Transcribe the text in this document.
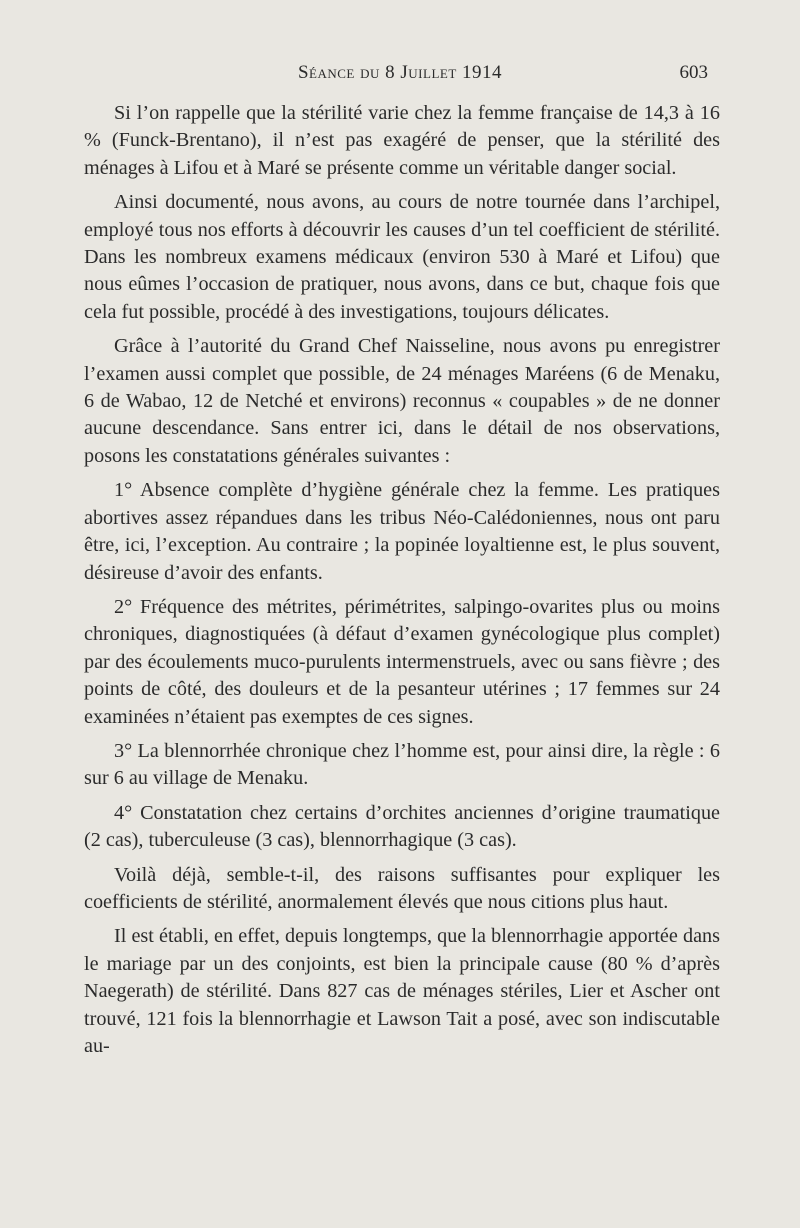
Séance du 8 Juillet 1914	603

Si l’on rappelle que la stérilité varie chez la femme française de 14,3 à 16 % (Funck-Brentano), il n’est pas exagéré de penser, que la stérilité des ménages à Lifou et à Maré se présente comme un véritable danger social.

Ainsi documenté, nous avons, au cours de notre tournée dans l’archipel, employé tous nos efforts à découvrir les causes d’un tel coefficient de stérilité. Dans les nombreux examens médicaux (environ 530 à Maré et Lifou) que nous eûmes l’occasion de pratiquer, nous avons, dans ce but, chaque fois que cela fut possible, procédé à des investigations, toujours délicates.

Grâce à l’autorité du Grand Chef Naisseline, nous avons pu enregistrer l’examen aussi complet que possible, de 24 ménages Maréens (6 de Menaku, 6 de Wabao, 12 de Netché et environs) reconnus « coupables » de ne donner aucune descendance. Sans entrer ici, dans le détail de nos observations, posons les constatations générales suivantes :

1° Absence complète d’hygiène générale chez la femme. Les pratiques abortives assez répandues dans les tribus Néo-Calédoniennes, nous ont paru être, ici, l’exception. Au contraire ; la popinée loyaltienne est, le plus souvent, désireuse d’avoir des enfants.

2° Fréquence des métrites, périmétrites, salpingo-ovarites plus ou moins chroniques, diagnostiquées (à défaut d’examen gynécologique plus complet) par des écoulements muco-purulents intermenstruels, avec ou sans fièvre ; des points de côté, des douleurs et de la pesanteur utérines ; 17 femmes sur 24 examinées n’étaient pas exemptes de ces signes.

3° La blennorrhée chronique chez l’homme est, pour ainsi dire, la règle : 6 sur 6 au village de Menaku.

4° Constatation chez certains d’orchites anciennes d’origine traumatique (2 cas), tuberculeuse (3 cas), blennorrhagique (3 cas).

Voilà déjà, semble-t-il, des raisons suffisantes pour expliquer les coefficients de stérilité, anormalement élevés que nous citions plus haut.

Il est établi, en effet, depuis longtemps, que la blennorrhagie apportée dans le mariage par un des conjoints, est bien la principale cause (80 % d’après Naegerath) de stérilité. Dans 827 cas de ménages stériles, Lier et Ascher ont trouvé, 121 fois la blennorrhagie et Lawson Tait a posé, avec son indiscutable au-
